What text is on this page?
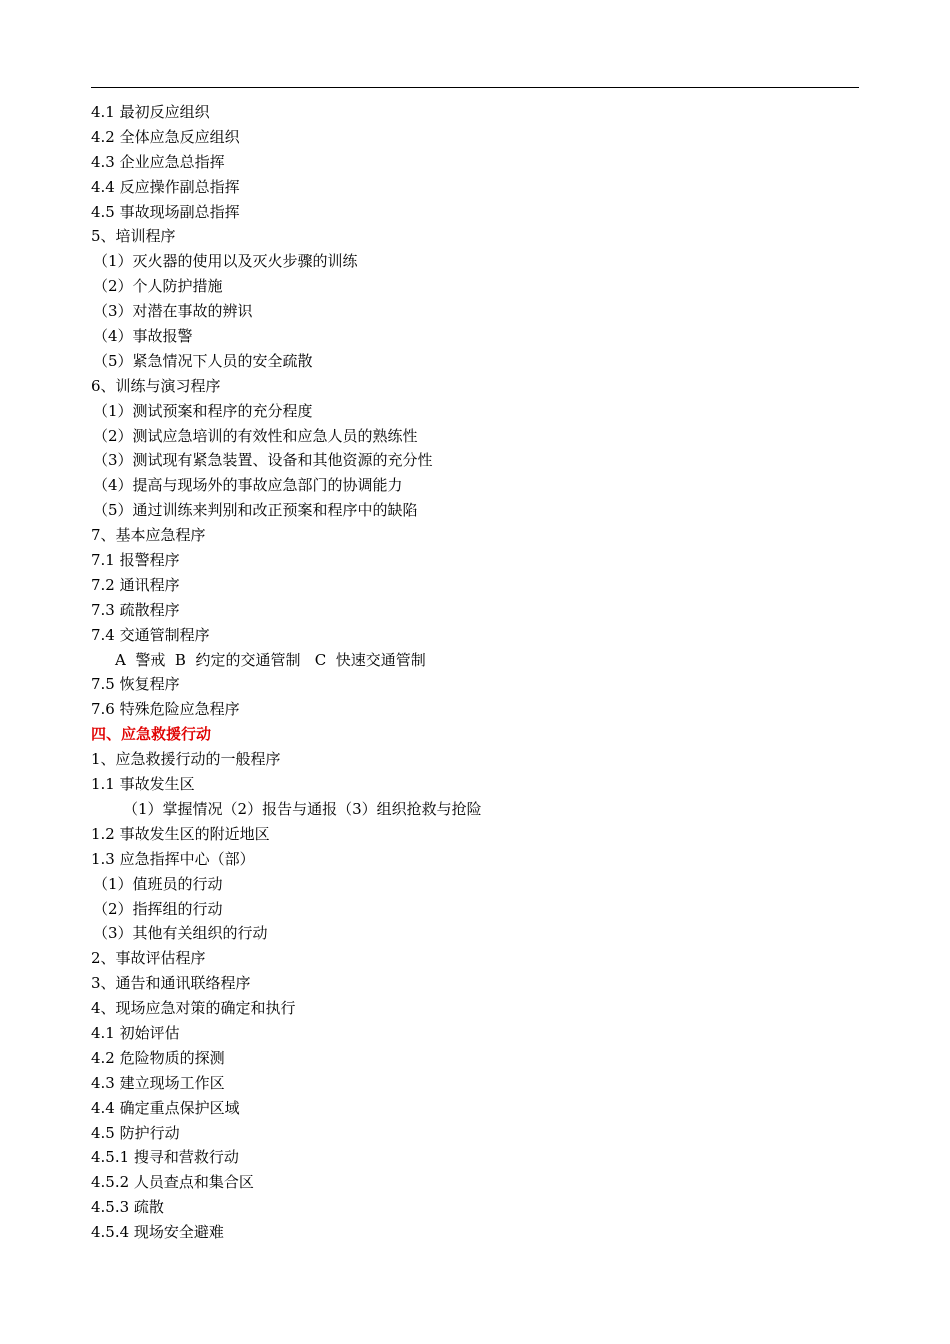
4.1 最初反应组织
4.2 全体应急反应组织
4.3 企业应急总指挥
4.4 反应操作副总指挥
4.5 事故现场副总指挥
5、培训程序
（1）灭火器的使用以及灭火步骤的训练
（2）个人防护措施
（3）对潜在事故的辨识
（4）事故报警
（5）紧急情况下人员的安全疏散
6、训练与演习程序
（1）测试预案和程序的充分程度
（2）测试应急培训的有效性和应急人员的熟练性
（3）测试现有紧急装置、设备和其他资源的充分性
（4）提高与现场外的事故应急部门的协调能力
（5）通过训练来判别和改正预案和程序中的缺陷
7、基本应急程序
7.1 报警程序
7.2 通讯程序
7.3 疏散程序
7.4 交通管制程序
A  警戒  B  约定的交通管制   C  快速交通管制
7.5 恢复程序
7.6 特殊危险应急程序
四、应急救援行动
1、应急救援行动的一般程序
1.1 事故发生区
（1）掌握情况（2）报告与通报（3）组织抢救与抢险
1.2 事故发生区的附近地区
1.3 应急指挥中心（部）
（1）值班员的行动
（2）指挥组的行动
（3）其他有关组织的行动
2、事故评估程序
3、通告和通讯联络程序
4、现场应急对策的确定和执行
4.1 初始评估
4.2 危险物质的探测
4.3 建立现场工作区
4.4 确定重点保护区域
4.5 防护行动
4.5.1 搜寻和营救行动
4.5.2 人员查点和集合区
4.5.3 疏散
4.5.4 现场安全避难
